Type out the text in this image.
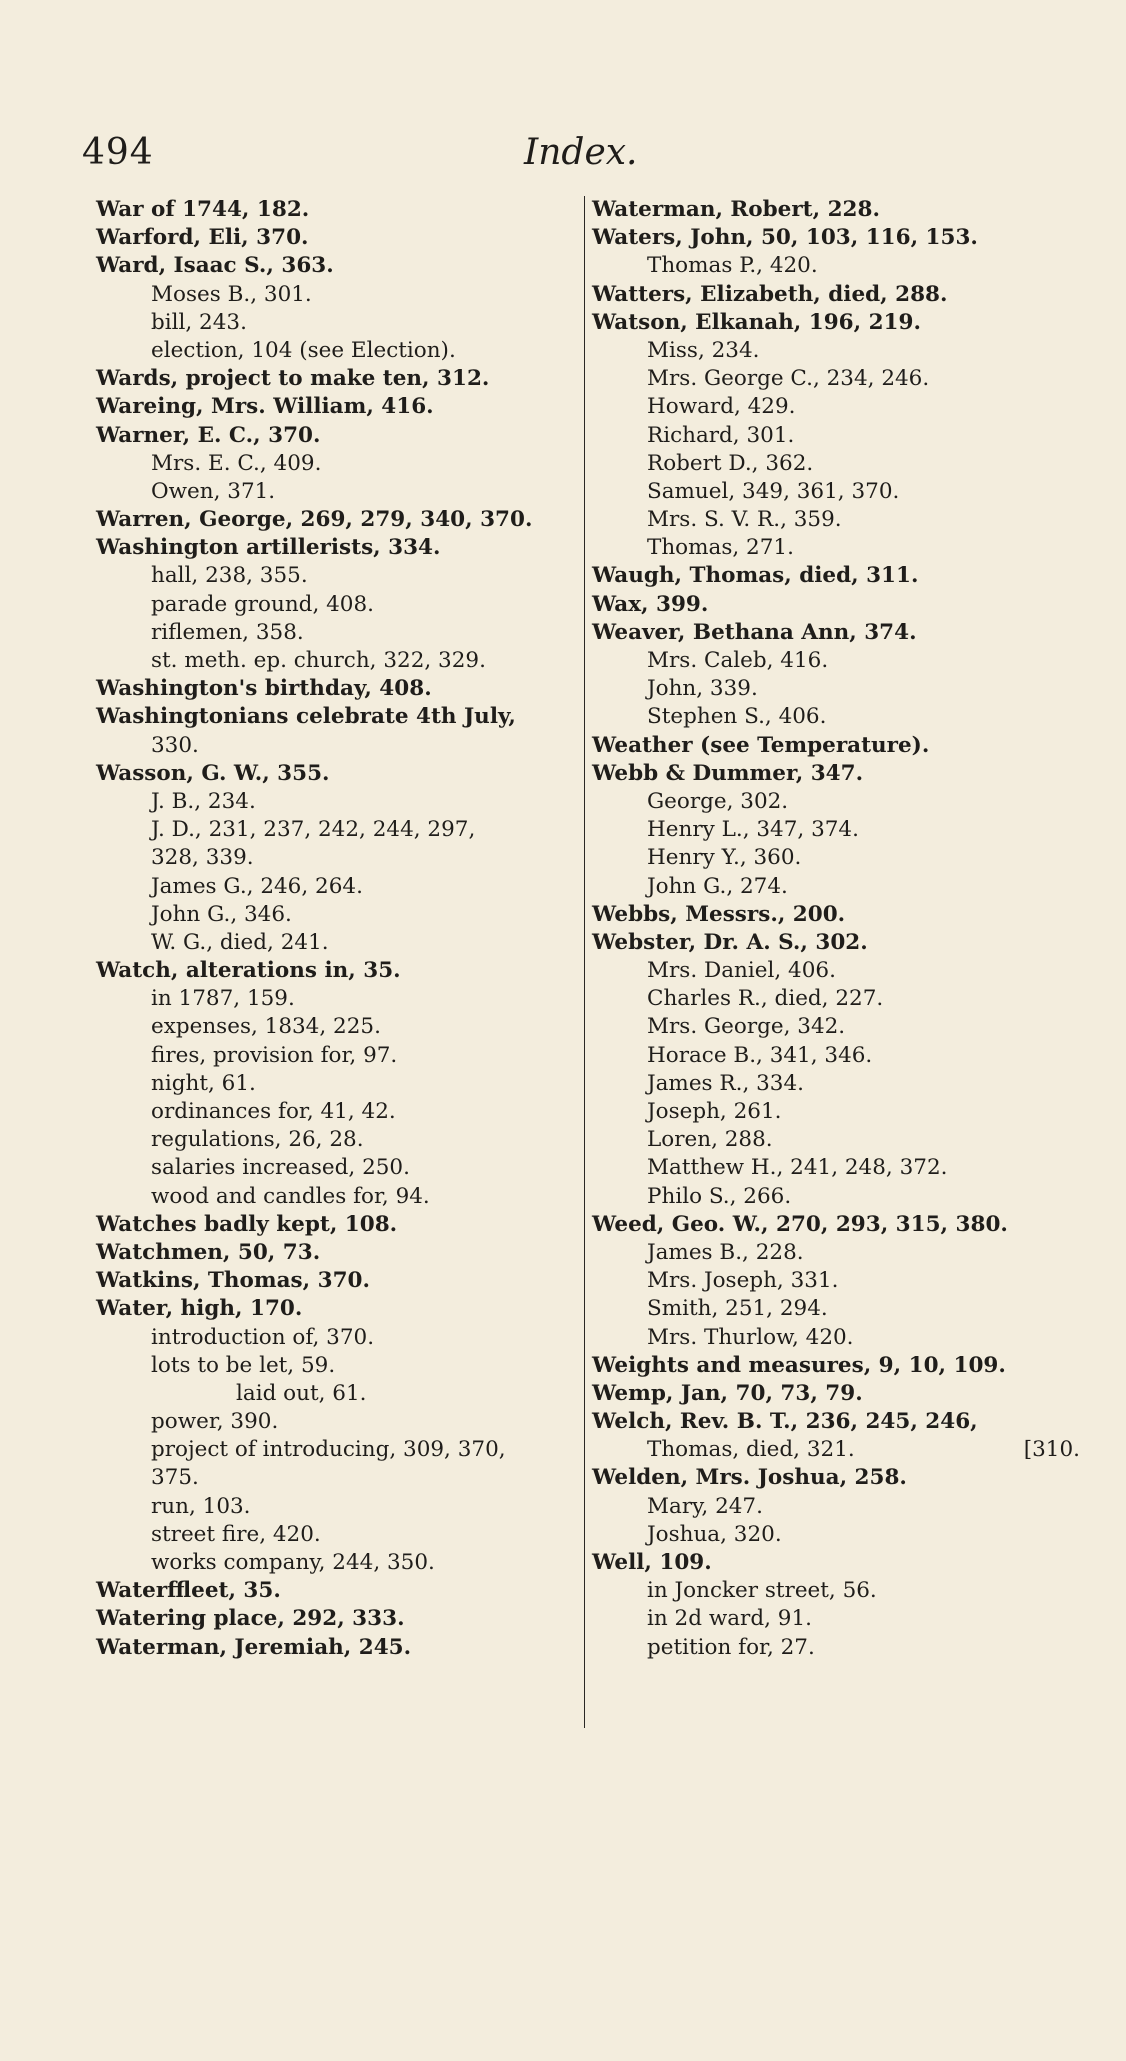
494	Index.
War of 1744, 182.
Warford, Eli, 370.
Ward, Isaac S., 363.
Moses B., 301.
bill, 243.
election, 104 (see Election).
Wards, project to make ten, 312.
Wareing, Mrs. William, 416.
Warner, E. C., 370.
Mrs. E. C., 409.
Owen, 371.
Warren, George, 269, 279, 340, 370.
Washington artillerists, 334.
hall, 238, 355.
parade ground, 408.
riflemen, 358.
st. meth. ep. church, 322, 329.
Washington's birthday, 408.
Washingtonians celebrate 4th July,
330.
Wasson, G. W., 355.
J. B., 234.
J. D., 231, 237, 242, 244, 297,
328, 339.
James G., 246, 264.
John G., 346.
W. G., died, 241.
Watch, alterations in, 35.
in 1787, 159.
expenses, 1834, 225.
fires, provision for, 97.
night, 61.
ordinances for, 41, 42.
regulations, 26, 28.
salaries increased, 250.
wood and candles for, 94.
Watches badly kept, 108.
Watchmen, 50, 73.
Watkins, Thomas, 370.
Water, high, 170.
introduction of, 370.
lots to be let, 59.
laid out, 61.
power, 390.
project of introducing, 309, 370,
375.
run, 103.
street fire, 420.
works company, 244, 350.
Waterffleet, 35.
Watering place, 292, 333.
Waterman, Jeremiah, 245.
Waterman, Robert, 228.
Waters, John, 50, 103, 116, 153.
Thomas P., 420.
Watters, Elizabeth, died, 288.
Watson, Elkanah, 196, 219.
Miss, 234.
Mrs. George C., 234, 246.
Howard, 429.
Richard, 301.
Robert D., 362.
Samuel, 349, 361, 370.
Mrs. S. V. R., 359.
Thomas, 271.
Waugh, Thomas, died, 311.
Wax, 399.
Weaver, Bethana Ann, 374.
Mrs. Caleb, 416.
John, 339.
Stephen S., 406.
Weather (see Temperature).
Webb & Dummer, 347.
George, 302.
Henry L., 347, 374.
Henry Y., 360.
John G., 274.
Webbs, Messrs., 200.
Webster, Dr. A. S., 302.
Mrs. Daniel, 406.
Charles R., died, 227.
Mrs. George, 342.
Horace B., 341, 346.
James R., 334.
Joseph, 261.
Loren, 288.
Matthew H., 241, 248, 372.
Philo S., 266.
Weed, Geo. W., 270, 293, 315, 380.
James B., 228.
Mrs. Joseph, 331.
Smith, 251, 294.
Mrs. Thurlow, 420.
Weights and measures, 9, 10, 109.
Wemp, Jan, 70, 73, 79.
Welch, Rev. B. T., 236, 245, 246,
Thomas, died, 321.	[310.
Welden, Mrs. Joshua, 258.
Mary, 247.
Joshua, 320.
Well, 109.
in Joncker street, 56.
in 2d ward, 91.
petition for, 27.
